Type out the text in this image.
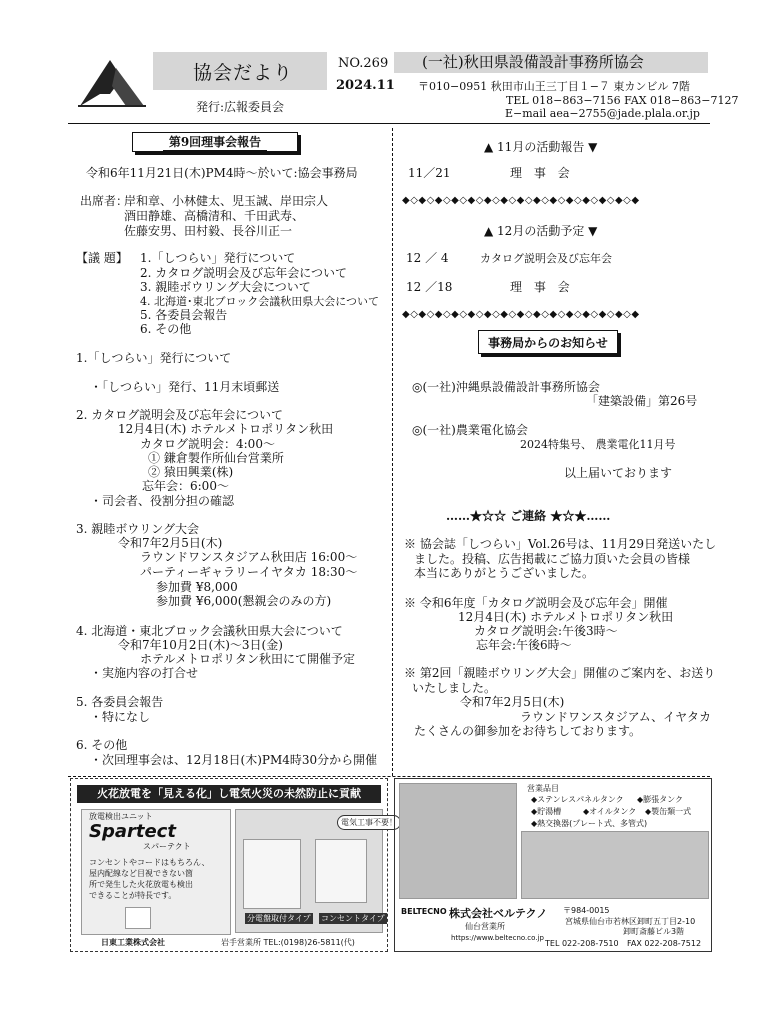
協会だより
発行:広報委員会
NO.269
2024.11
(一社)秋田県設備設計事務所協会
〒010−0951 秋田市山王三丁目１−７ 東カンビル 7階
TEL 018−863−7156 FAX 018−863−7127
E−mail aea−2755@jade.plala.or.jp
第9回理事会報告
令和6年11月21日(木)PM4時〜於いて:協会事務局
出席者：
岸和章、小林健太、児玉誠、岸田宗人
酒田静雄、高橋清和、千田武寿、
佐藤安男、田村毅、長谷川正一
【議 題】 1.「しつらい」発行について
2. カタログ説明会及び忘年会について
3. 親睦ボウリング大会について
4. 北海道･東北ブロック会議秋田県大会について
5. 各委員会報告
6. その他
1.「しつらい」発行について
・「しつらい」発行、11月末頃郵送
2. カタログ説明会及び忘年会について
12月4日(木) ホテルメトロポリタン秋田
カタログ説明会：4:00〜
① 鎌倉製作所仙台営業所
② 猿田興業(株)
忘年会：6:00〜
・司会者、役割分担の確認
3. 親睦ボウリング大会
令和7年2月5日(木)
ラウンドワンスタジアム秋田店 16:00〜
パーティーギャラリーイヤタカ 18:30〜
参加費 ¥8,000
参加費 ¥6,000(懇親会のみの方)
4. 北海道・東北ブロック会議秋田県大会について
令和7年10月2日(木)〜3日(金)
ホテルメトロポリタン秋田にて開催予定
・実施内容の打合せ
5. 各委員会報告
・特になし
6. その他
・次回理事会は、12月18日(木)PM4時30分から開催
▲ 11月の活動報告 ▼
11／21	理 事 会
◆◇◆◇◆◇◆◇◆◇◆◇◆◇◆◇◆◇◆◇◆◇◆◇◆◇◆◇◆
▲ 12月の活動予定 ▼
12 ／ 4	カタログ説明会及び忘年会
12 ／18	理 事 会
◆◇◆◇◆◇◆◇◆◇◆◇◆◇◆◇◆◇◆◇◆◇◆◇◆◇◆◇◆
事務局からのお知らせ
◎(一社)沖縄県設備設計事務所協会
「建築設備」第26号
◎(一社)農業電化協会
2024特集号、 農業電化11月号
以上届いております
……★☆☆ ご連絡 ★☆★……
※ 協会誌「しつらい」Vol.26号は、11月29日発送いたし
ました。投稿、広告掲載にご協力頂いた会員の皆様
本当にありがとうございました。
※ 令和6年度「カタログ説明会及び忘年会」開催
12月4日(木) ホテルメトロポリタン秋田
カタログ説明会:午後3時〜
忘年会:午後6時〜
※ 第2回「親睦ボウリング大会」開催のご案内を、お送り
いたしました。
令和7年2月5日(木)
ラウンドワンスタジアム、イヤタカ
たくさんの御参加をお待ちしております。
火花放電を「見える化」し電気火災の未然防止に貢献
放電検出ユニット
Spartect
スパーテクト
コンセントやコードはもちろん、
屋内配線など目視できない箇
所で発生した火花放電も検出
できることが特長です。
分電盤取付タイプ コンセントタイプ
電気工事不要！
日東工業株式会社	岩手営業所 TEL:(0198)26-5811(代)
営業品目
◆ステンレスパネルタンク ◆膨張タンク
◆貯湯槽	◆オイルタンク ◆製缶類一式
◆熱交換器(プレート式、多管式)
BELTECNO 株式会社ベルテクノ
仙台営業所
https://www.beltecno.co.jp
〒984-0015
宮城県仙台市若林区卸町五丁目2-10
卸町斎藤ビル3階
TEL 022-208-7510 FAX 022-208-7512
